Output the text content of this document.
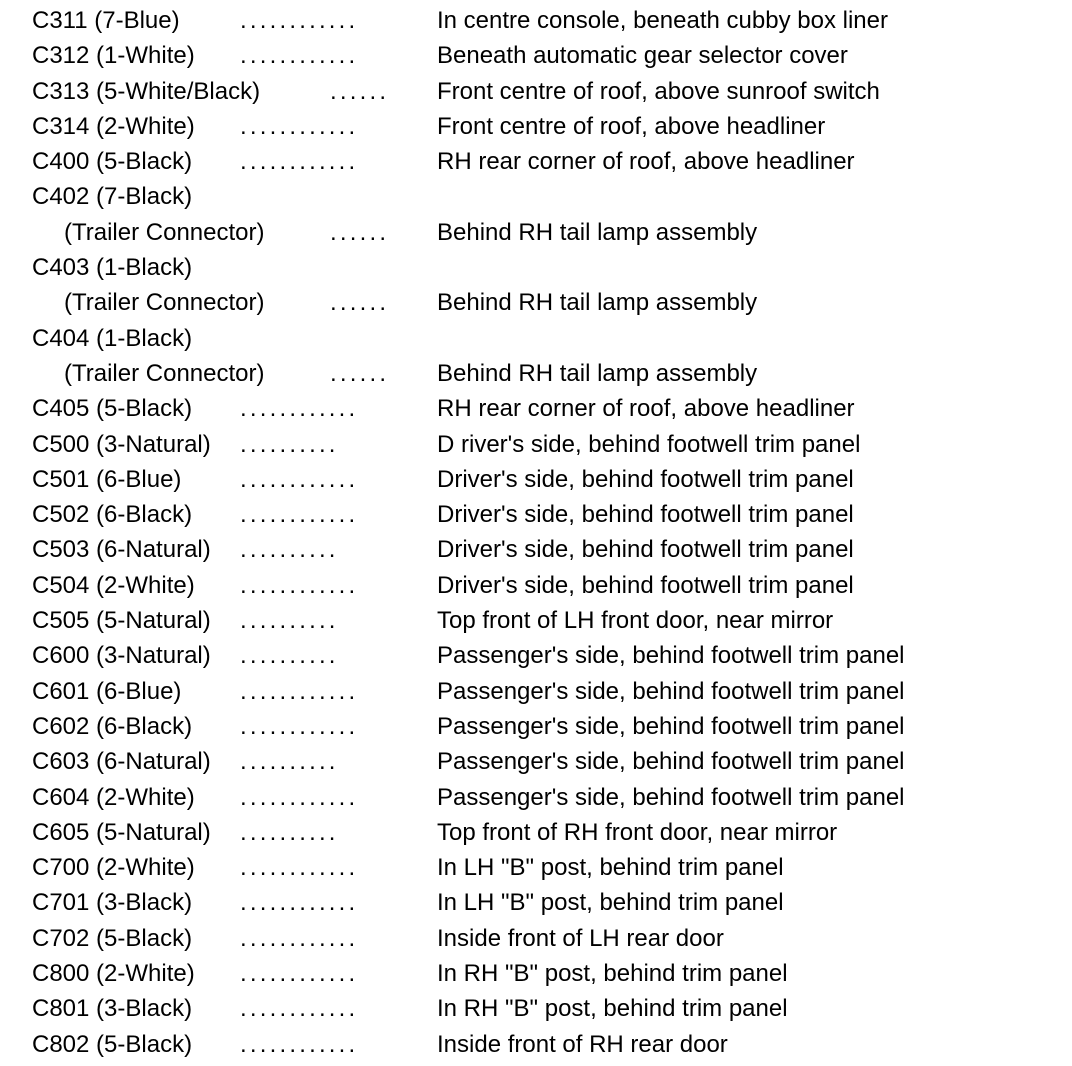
C311 (7-Blue)	............	In centre console, beneath cubby box liner
C312 (1-White) ............	Beneath automatic gear selector cover
C313 (5-White/Black)	......	Front centre of roof, above sunroof switch
C314 (2-White) ............	Front centre of roof, above headliner
C400 (5-Black) ............	RH rear corner of roof, above headliner
C402 (7-Black)
(Trailer Connector)	......	Behind RH tail lamp assembly
C403 (1-Black)
(Trailer Connector)	......	Behind RH tail lamp assembly
C404 (1-Black)
(Trailer Connector)	......	Behind RH tail lamp assembly
C405 (5-Black) ............	RH rear corner of roof, above headliner
C500 (3-Natural) ..........	D river's side, behind footwell trim panel
C501 (6-Blue) ............	Driver's side, behind footwell trim panel
C502 (6-Black) ............	Driver's side, behind footwell trim panel
C503 (6-Natural) ..........	Driver's side, behind footwell trim panel
C504 (2-White) ............	Driver's side, behind footwell trim panel
C505 (5-Natural) ..........	Top front of LH front door, near mirror
C600 (3-Natural) ..........	Passenger's side, behind footwell trim panel
C601 (6-Blue) ............	Passenger's side, behind footwell trim panel
C602 (6-Black) ............	Passenger's side, behind footwell trim panel
C603 (6-Natural) ..........	Passenger's side, behind footwell trim panel
C604 (2-White) ............	Passenger's side, behind footwell trim panel
C605 (5-Natural) ..........	Top front of RH front door, near mirror
C700 (2-White) ............	In LH "B" post, behind trim panel
C701 (3-Black) ............	In LH "B" post, behind trim panel
C702 (5-Black) ............	Inside front of LH rear door
C800 (2-White) ............	In RH "B" post, behind trim panel
C801 (3-Black) ............	In RH "B" post, behind trim panel
C802 (5-Black) ............	Inside front of RH rear door
